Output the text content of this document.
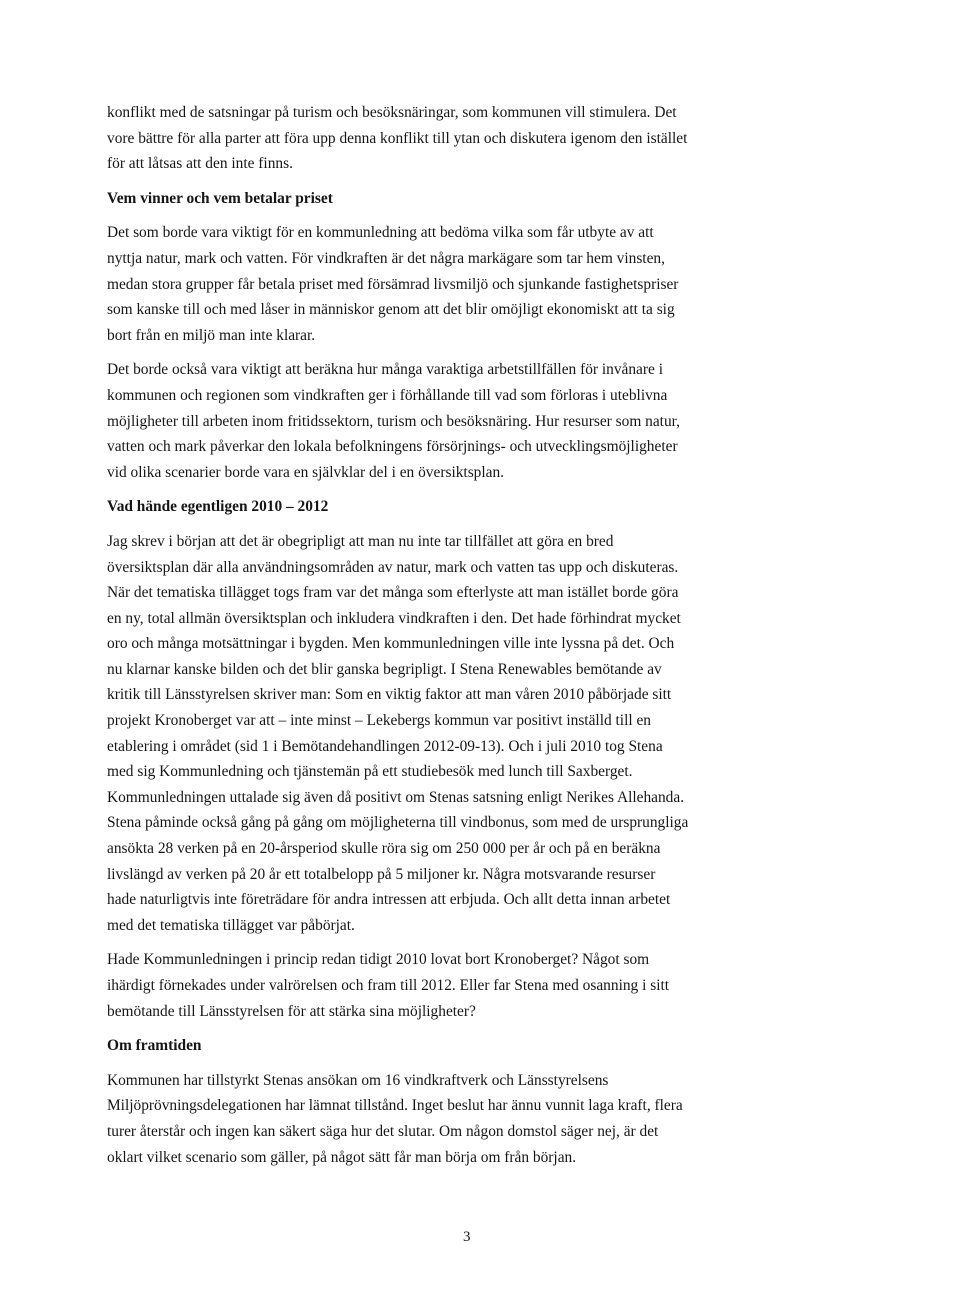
konflikt med de satsningar på turism och besöksnäringar, som kommunen vill stimulera. Det
vore bättre för alla parter att föra upp denna konflikt till ytan och diskutera igenom den istället
för att låtsas att den inte finns.
Vem vinner och vem betalar priset
Det som borde vara viktigt för en kommunledning att bedöma vilka som får utbyte av att
nyttja natur, mark och vatten. För vindkraften är det några markägare som tar hem vinsten,
medan stora grupper får betala priset med försämrad livsmiljö och sjunkande fastighetspriser
som kanske till och med låser in människor genom att det blir omöjligt ekonomiskt att ta sig
bort från en miljö man inte klarar.
Det borde också vara viktigt att beräkna hur många varaktiga arbetstillfällen för invånare i
kommunen och regionen som vindkraften ger i förhållande till vad som förloras i uteblivna
möjligheter till arbeten inom fritidssektorn, turism och besöksnäring. Hur resurser som natur,
vatten och mark påverkar den lokala befolkningens försörjnings- och utvecklingsmöjligheter
vid olika scenarier borde vara en självklar del i en översiktsplan.
Vad hände egentligen 2010 – 2012
Jag skrev i början att det är obegripligt att man nu inte tar tillfället att göra en bred
översiktsplan där alla användningsområden av natur, mark och vatten tas upp och diskuteras.
När det tematiska tillägget togs fram var det många som efterlyste att man istället borde göra
en ny, total allmän översiktsplan och inkludera vindkraften i den. Det hade förhindrat mycket
oro och många motsättningar i bygden. Men kommunledningen ville inte lyssna på det. Och
nu klarnar kanske bilden och det blir ganska begripligt. I Stena Renewables bemötande av
kritik till Länsstyrelsen skriver man: Som en viktig faktor att man våren 2010 påbörjade sitt
projekt Kronoberget var att – inte minst – Lekebergs kommun var positivt inställd till en
etablering i området (sid 1 i Bemötandehandlingen 2012-09-13). Och i juli 2010 tog Stena
med sig Kommunledning och tjänstemän på ett studiebesök med lunch till Saxberget.
Kommunledningen uttalade sig även då positivt om Stenas satsning enligt Nerikes Allehanda.
Stena påminde också gång på gång om möjligheterna till vindbonus, som med de ursprungliga
ansökta 28 verken på en 20-årsperiod skulle röra sig om 250 000 per år och på en beräkna
livslängd av verken på 20 år ett totalbelopp på 5 miljoner kr. Några motsvarande resurser
hade naturligtvis inte företrädare för andra intressen att erbjuda. Och allt detta innan arbetet
med det tematiska tillägget var påbörjat.
Hade Kommunledningen i princip redan tidigt 2010 lovat bort Kronoberget? Något som
ihärdigt förnekades under valrörelsen och fram till 2012. Eller far Stena med osanning i sitt
bemötande till Länsstyrelsen för att stärka sina möjligheter?
Om framtiden
Kommunen har tillstyrkt Stenas ansökan om 16 vindkraftverk och Länsstyrelsens
Miljöprövningsdelegationen har lämnat tillstånd. Inget beslut har ännu vunnit laga kraft, flera
turer återstår och ingen kan säkert säga hur det slutar. Om någon domstol säger nej, är det
oklart vilket scenario som gäller, på något sätt får man börja om från början.
3
